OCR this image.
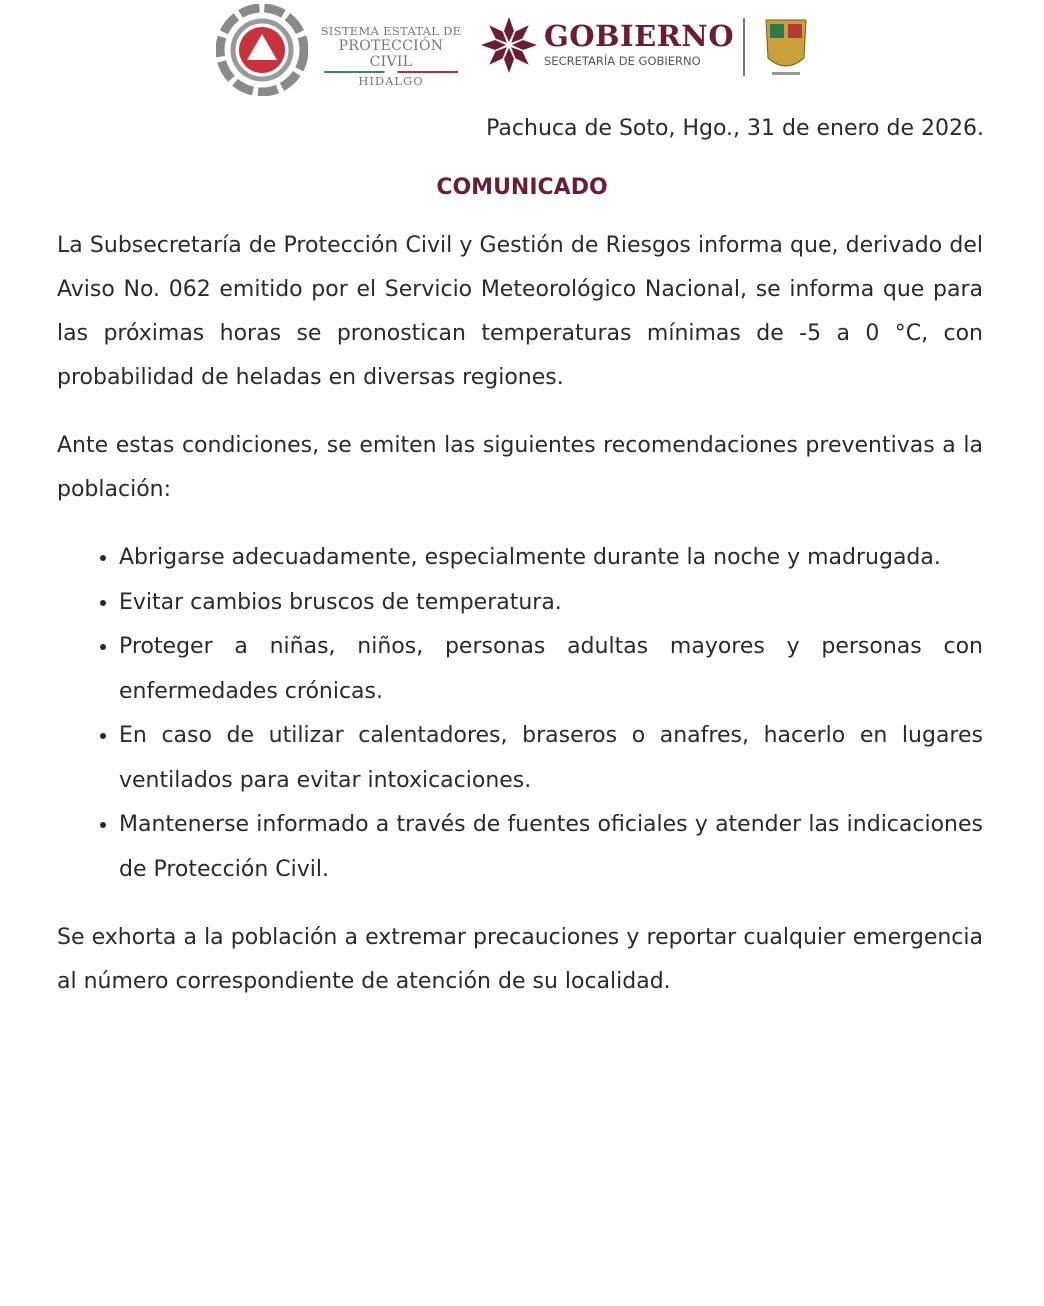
SISTEMA ESTATAL DE
PROTECCIÓN CIVIL
HIDALGO
GOBIERNO
SECRETARÍA DE GOBIERNO
Pachuca de Soto, Hgo., 31 de enero de 2026.
COMUNICADO

La Subsecretaría de Protección Civil y Gestión de Riesgos informa que, derivado del Aviso No. 062 emitido por el Servicio Meteorológico Nacional, se informa que para las próximas horas se pronostican temperaturas mínimas de -5 a 0 °C, con probabilidad de heladas en diversas regiones.

Ante estas condiciones, se emiten las siguientes recomendaciones preventivas a la población:

• Abrigarse adecuadamente, especialmente durante la noche y madrugada.
• Evitar cambios bruscos de temperatura.
• Proteger a niñas, niños, personas adultas mayores y personas con enfermedades crónicas.
• En caso de utilizar calentadores, braseros o anafres, hacerlo en lugares ventilados para evitar intoxicaciones.
• Mantenerse informado a través de fuentes oficiales y atender las indicaciones de Protección Civil.

Se exhorta a la población a extremar precauciones y reportar cualquier emergencia al número correspondiente de atención de su localidad.
